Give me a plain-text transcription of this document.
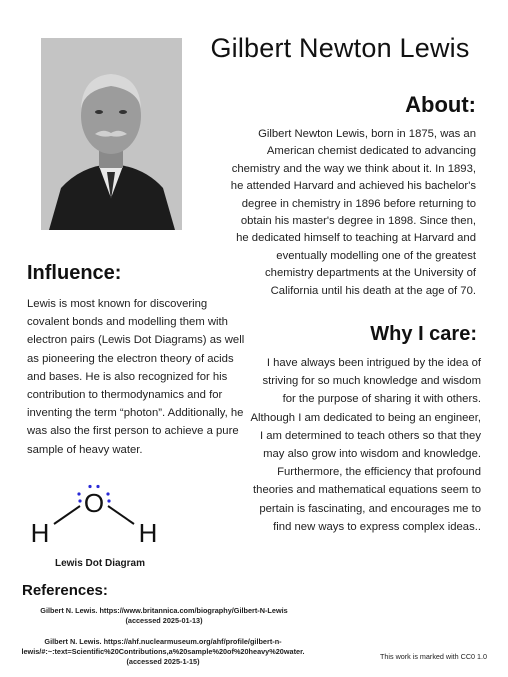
Gilbert Newton Lewis
About:
Gilbert Newton Lewis, born in 1875, was an American chemist dedicated to advancing chemistry and the way we think about it. In 1893, he attended Harvard and achieved his bachelor's degree in chemistry in 1896 before returning to obtain his master's degree in 1898. Since then, he dedicated himself to teaching at Harvard and eventually modelling one of the greatest chemistry departments at the University of California until his death at the age of 70.
Influence:
Lewis is most known for discovering covalent bonds and modelling them with electron pairs (Lewis Dot Diagrams) as well as pioneering the electron theory of acids and bases. He is also recognized for his contribution to thermodynamics and for inventing the term “photon”. Additionally, he was also the first person to achieve a pure sample of heavy water.
Why I care:
I have always been intrigued by the idea of striving for so much knowledge and wisdom for the purpose of sharing it with others. Although I am dedicated to being an engineer, I am determined to teach others so that they may also grow into wisdom and knowledge. Furthermore, the efficiency that profound theories and mathematical equations seem to pertain is fascinating, and encourages me to find new ways to express complex ideas..
O
H	H
Lewis Dot Diagram
References:
Gilbert N. Lewis. https://www.britannica.com/biography/Gilbert-N-Lewis (accessed 2025-01-13)
Gilbert N. Lewis. https://ahf.nuclearmuseum.org/ahf/profile/gilbert-n-lewis/#:~:text=Scientific%20Contributions,a%20sample%20of%20heavy%20water. (accessed 2025-1-15)
This work is marked with CC0 1.0
